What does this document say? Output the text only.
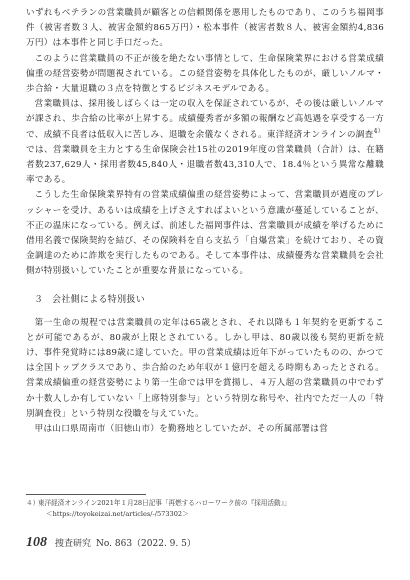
いずれもベテランの営業職員が顧客との信頼関係を悪用したものであり、このうち福岡事件（被害者数３人、被害金額約865万円）・松本事件（被害者数８人、被害金額約4,836万円）は本事件と同じ手口だった。

このように営業職員の不正が後を絶たない事情として、生命保険業界における営業成績偏重の経営姿勢が問題視されている。この経営姿勢を具体化したものが、厳しいノルマ・歩合給・大量退職の３点を特徴とするビジネスモデルである。

営業職員は、採用後しばらくは一定の収入を保証されているが、その後は厳しいノルマが課され、歩合給の比率が上昇する。成績優秀者が多額の報酬など高処遇を享受する一方で、成績不良者は低収入に苦しみ、退職を余儀なくされる。東洋経済オンラインの調査$^{4)}$では、営業職員を主力とする生命保険会社15社の2019年度の営業職員（合計）は、在籍者数237,629人・採用者数45,840人・退職者数43,310人で、18.4％という異常な離職率である。

こうした生命保険業界特有の営業成績偏重の経営姿勢によって、営業職員が過度のプレッシャーを受け、あるいは成績を上げさえすればよいという意識が蔓延していることが、不正の温床になっている。例えば、前述した福岡事件は、営業職員が成績を挙げるために借用名義で保険契約を結び、その保険料を自ら支払う「自爆営業」を続けており、その資金調達のために詐欺を実行したものである。そして本事件は、成績優秀な営業職員を会社側が特別扱いしていたことが重要な背景になっている。

３ 会社側による特別扱い

第一生命の規程では営業職員の定年は65歳とされ、それ以降も１年契約を更新することが可能であるが、80歳が上限とされている。しかし甲は、80歳以後も契約更新を続け、事件発覚時には89歳に達していた。甲の営業成績は近年下がっていたものの、かつては全国トップクラスであり、歩合給のため年収が１億円を超える時期もあったとされる。営業成績偏重の経営姿勢により第一生命では甲を賞揚し、４万人超の営業職員の中でわずか十数人しか有していない「上席特別参与」という特別な称号や、社内でただ一人の「特別調査役」という特別な役職を与えていた。

甲は山口県周南市（旧徳山市）を勤務地としていたが、その所属部署は営

４）東洋経済オンライン2021年１月28日記事「再燃するハローワーク前の『採用活動』」
＜https://toyokeizai.net/articles/-/573302＞
108 捜査研究 No. 863（2022. 9. 5）
